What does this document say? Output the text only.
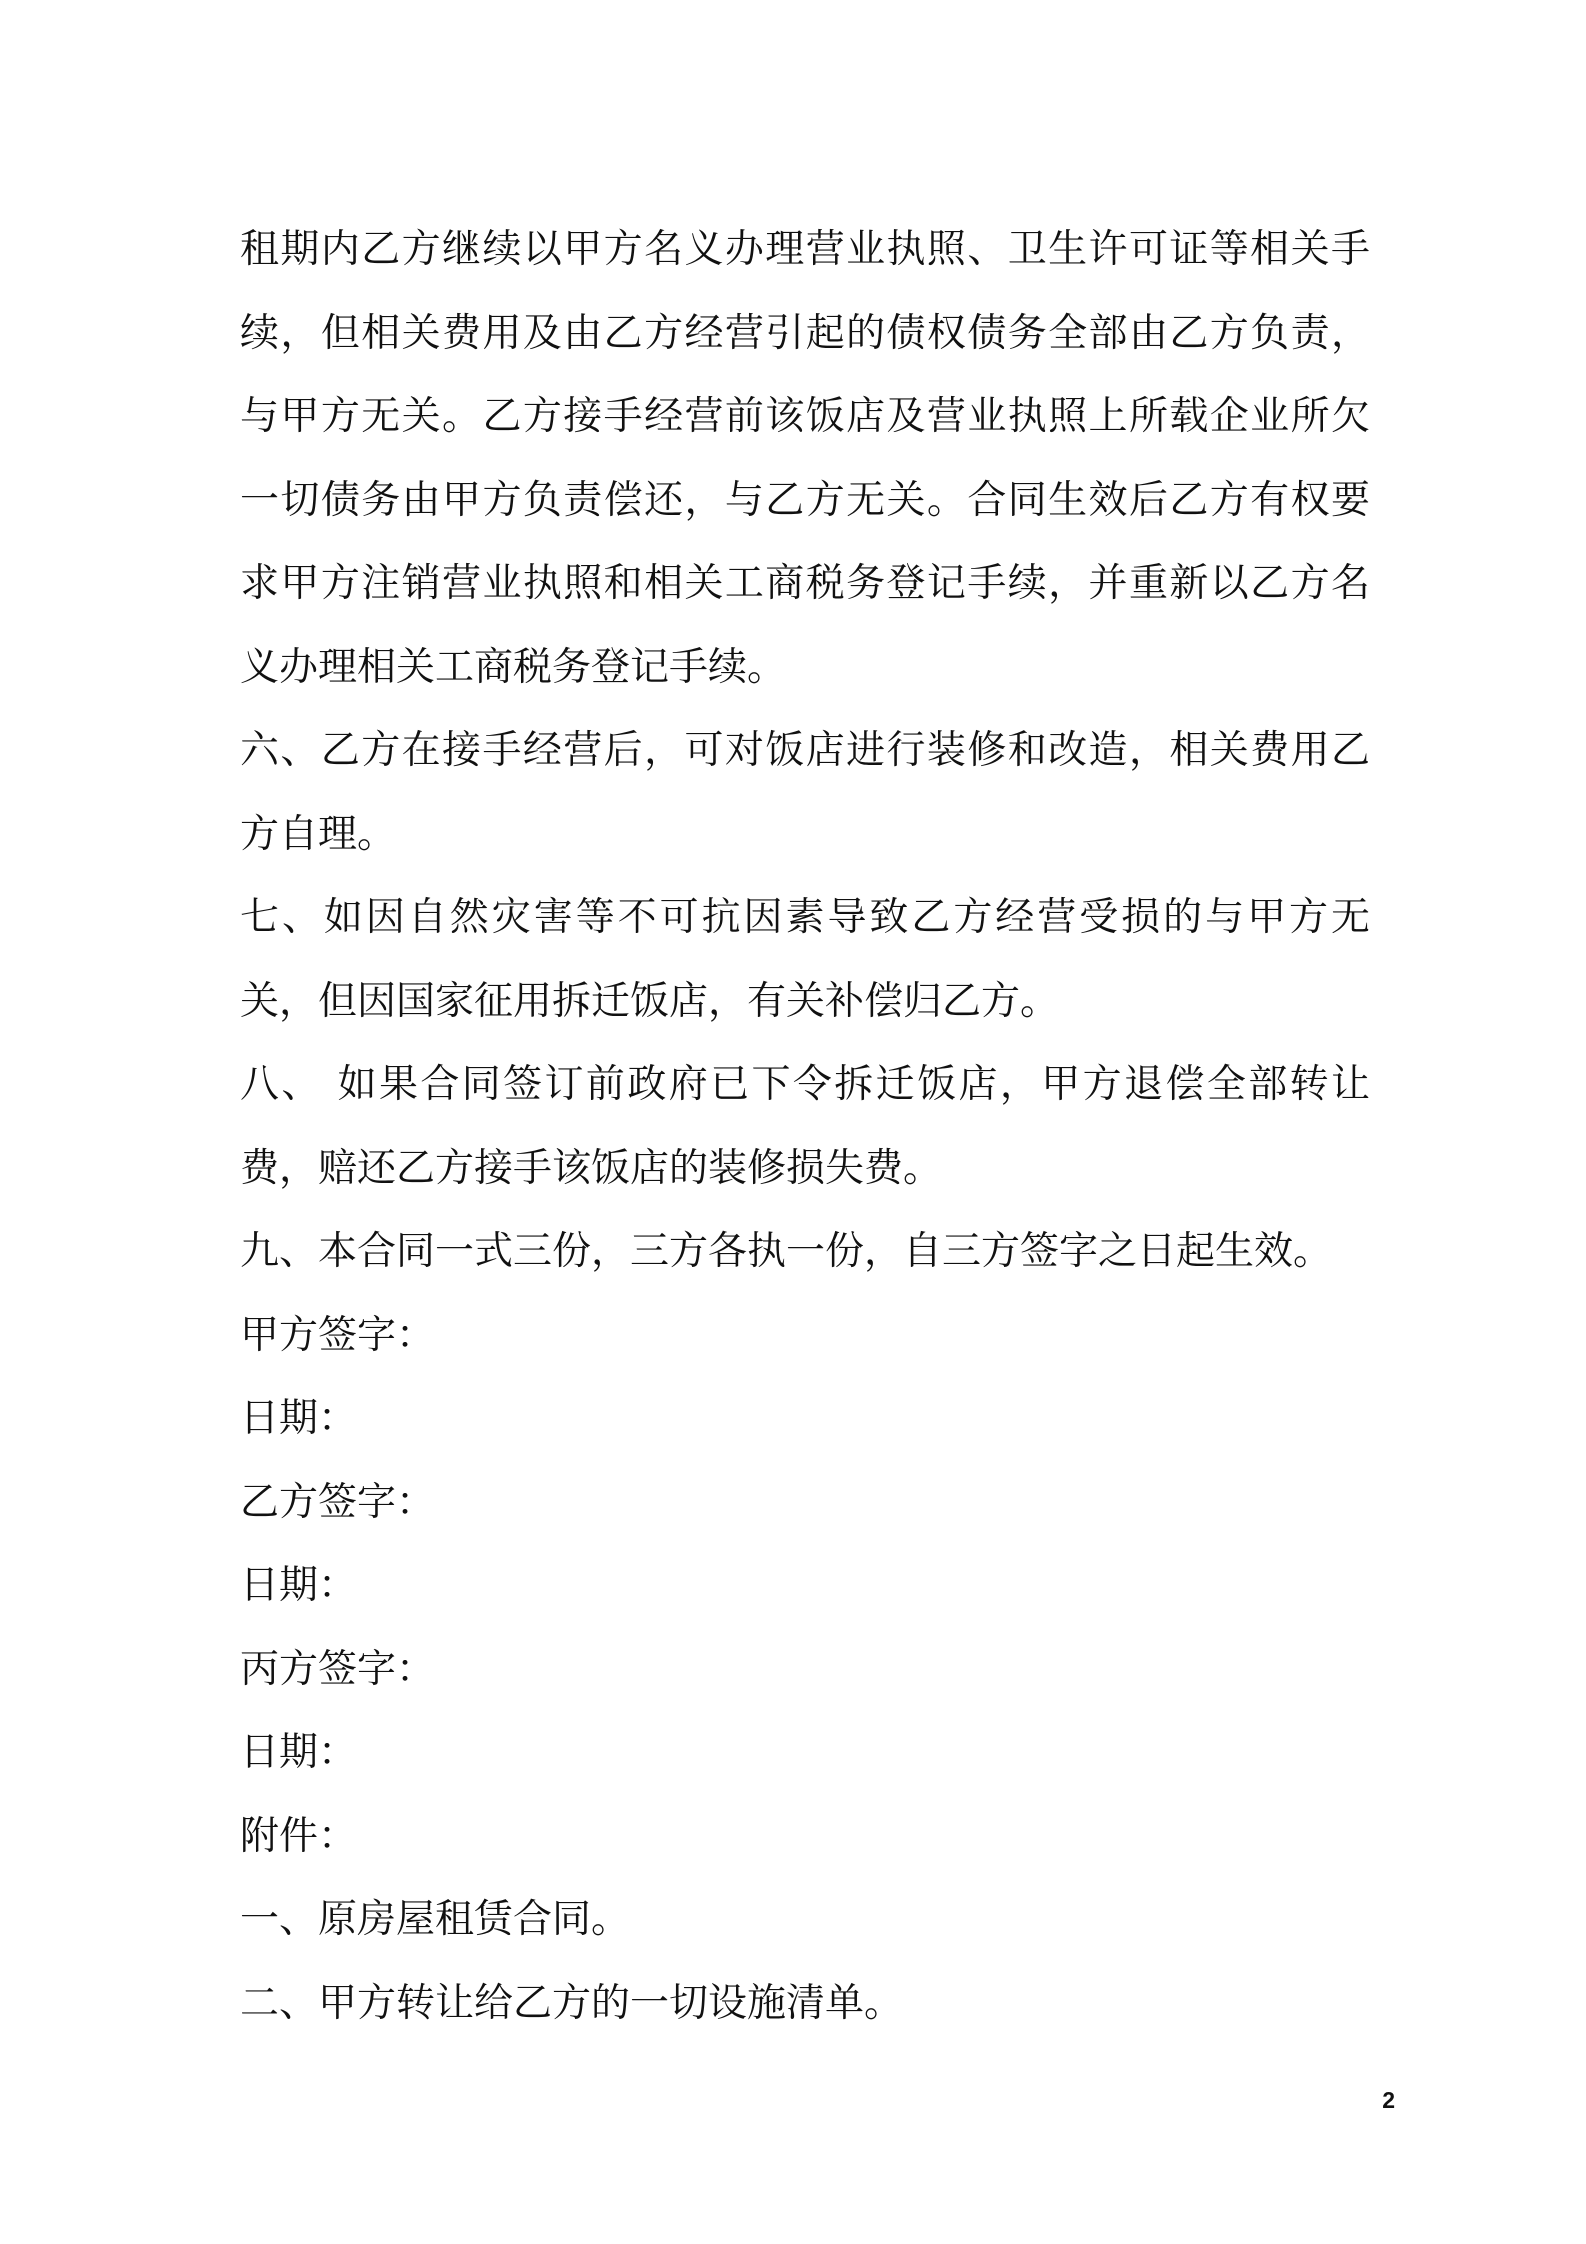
租期内乙方继续以甲方名义办理营业执照、卫生许可证等相关手续，但相关费用及由乙方经营引起的债权债务全部由乙方负责，与甲方无关。乙方接手经营前该饭店及营业执照上所载企业所欠一切债务由甲方负责偿还，与乙方无关。合同生效后乙方有权要求甲方注销营业执照和相关工商税务登记手续，并重新以乙方名义办理相关工商税务登记手续。

六、乙方在接手经营后，可对饭店进行装修和改造，相关费用乙方自理。

七、如因自然灾害等不可抗因素导致乙方经营受损的与甲方无关，但因国家征用拆迁饭店，有关补偿归乙方。

八、 如果合同签订前政府已下令拆迁饭店，甲方退偿全部转让费，赔还乙方接手该饭店的装修损失费。

九、本合同一式三份，三方各执一份，自三方签字之日起生效。

甲方签字：

日期：

乙方签字：

日期：

丙方签字：

日期：

附件：

一、原房屋租赁合同。

二、甲方转让给乙方的一切设施清单。

2
